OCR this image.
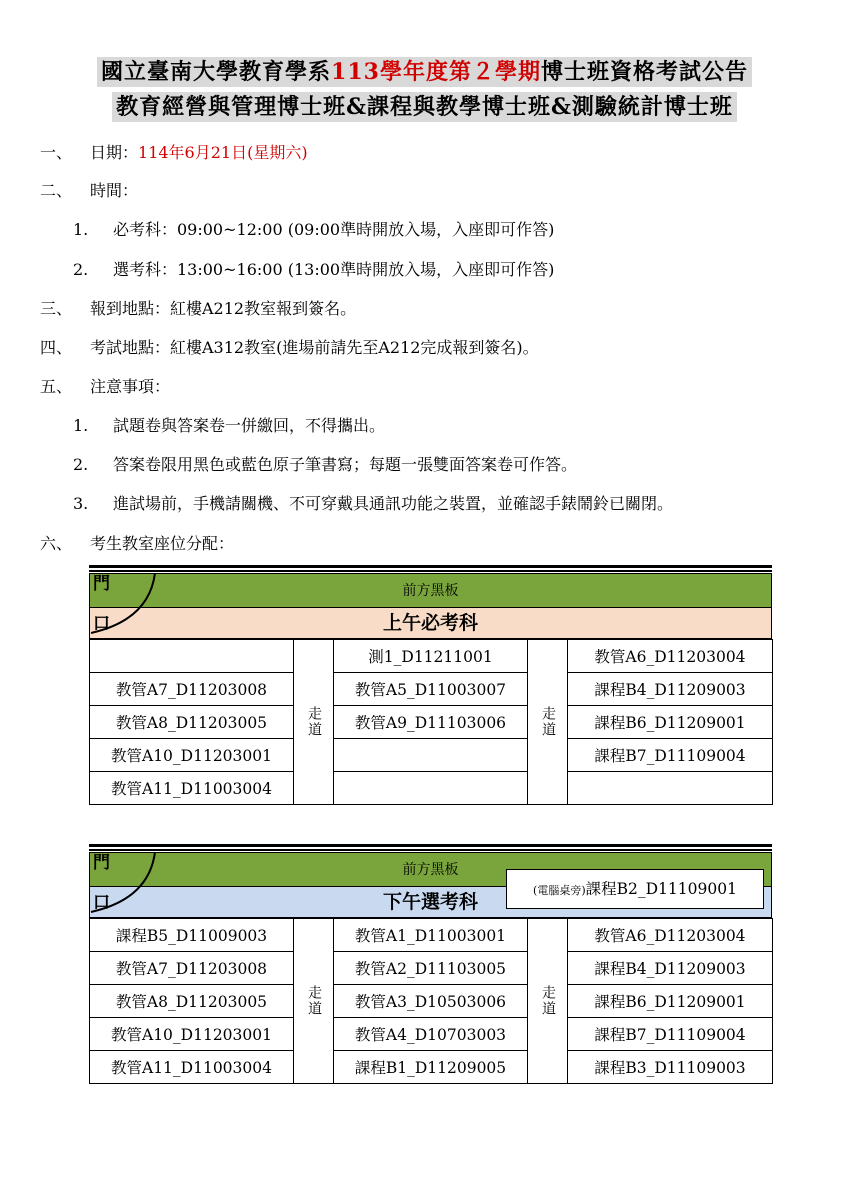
國立臺南大學教育學系113學年度第２學期博士班資格考試公告
教育經營與管理博士班&課程與教學博士班&測驗統計博士班
一、 日期：114年6月21日(星期六)
二、 時間：
1. 必考科：09:00~12:00 (09:00準時開放入場，入座即可作答)
2. 選考科：13:00~16:00 (13:00準時開放入場，入座即可作答)
三、 報到地點：紅樓A212教室報到簽名。
四、 考試地點：紅樓A312教室(進場前請先至A212完成報到簽名)。
五、 注意事項：
1. 試題卷與答案卷一併繳回，不得攜出。
2. 答案卷限用黑色或藍色原子筆書寫；每題一張雙面答案卷可作答。
3. 進試場前，手機請關機、不可穿戴具通訊功能之裝置，並確認手錶鬧鈴已關閉。
六、 考生教室座位分配：
門	前方黑板
口	上午必考科
	走道	測1_D11211001	走道	教管A6_D11203004
教管A7_D11203008		教管A5_D11003007		課程B4_D11209003
教管A8_D11203005		教管A9_D11103006		課程B6_D11209001
教管A10_D11203001				課程B7_D11109004
教管A11_D11003004				
門	前方黑板
(電腦桌旁)課程B2_D11109001
口	下午選考科
課程B5_D11009003	走道	教管A1_D11003001	走道	教管A6_D11203004
教管A7_D11203008		教管A2_D11103005		課程B4_D11209003
教管A8_D11203005		教管A3_D10503006		課程B6_D11209001
教管A10_D11203001		教管A4_D10703003		課程B7_D11109004
教管A11_D11003004		課程B1_D11209005		課程B3_D11109003
